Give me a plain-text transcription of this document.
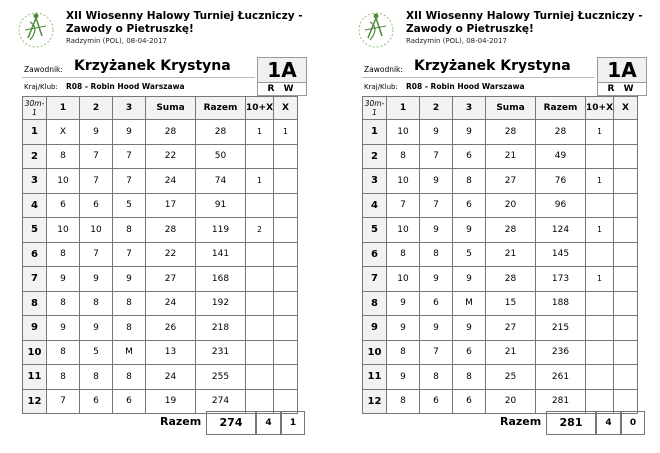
XII Wiosenny Halowy Turniej Łuczniczy - Zawody o Pietruszkę!
Radzymin (POL), 08-04-2017
Zawodnik: Krzyżanek Krystyna
Kraj/Klub: R08 - Robin Hood Warszawa
1A
R W
30m-1	1	2	3	Suma	Razem	10+X	X
1	X	9	9	28	28	1	1
2	8	7	7	22	50		
3	10	7	7	24	74	1	
4	6	6	5	17	91		
5	10	10	8	28	119	2	
6	8	7	7	22	141		
7	9	9	9	27	168		
8	8	8	8	24	192		
9	9	9	8	26	218		
10	8	5	M	13	231		
11	8	8	8	24	255		
12	7	6	6	19	274		
Razem	274	4	1
XII Wiosenny Halowy Turniej Łuczniczy - Zawody o Pietruszkę!
Radzymin (POL), 08-04-2017
Zawodnik: Krzyżanek Krystyna
Kraj/Klub: R08 - Robin Hood Warszawa
1A
R W
30m-1	1	2	3	Suma	Razem	10+X	X
1	10	9	9	28	28	1	
2	8	7	6	21	49		
3	10	9	8	27	76	1	
4	7	7	6	20	96		
5	10	9	9	28	124	1	
6	8	8	5	21	145		
7	10	9	9	28	173	1	
8	9	6	M	15	188		
9	9	9	9	27	215		
10	8	7	6	21	236		
11	9	8	8	25	261		
12	8	6	6	20	281		
Razem	281	4	0
